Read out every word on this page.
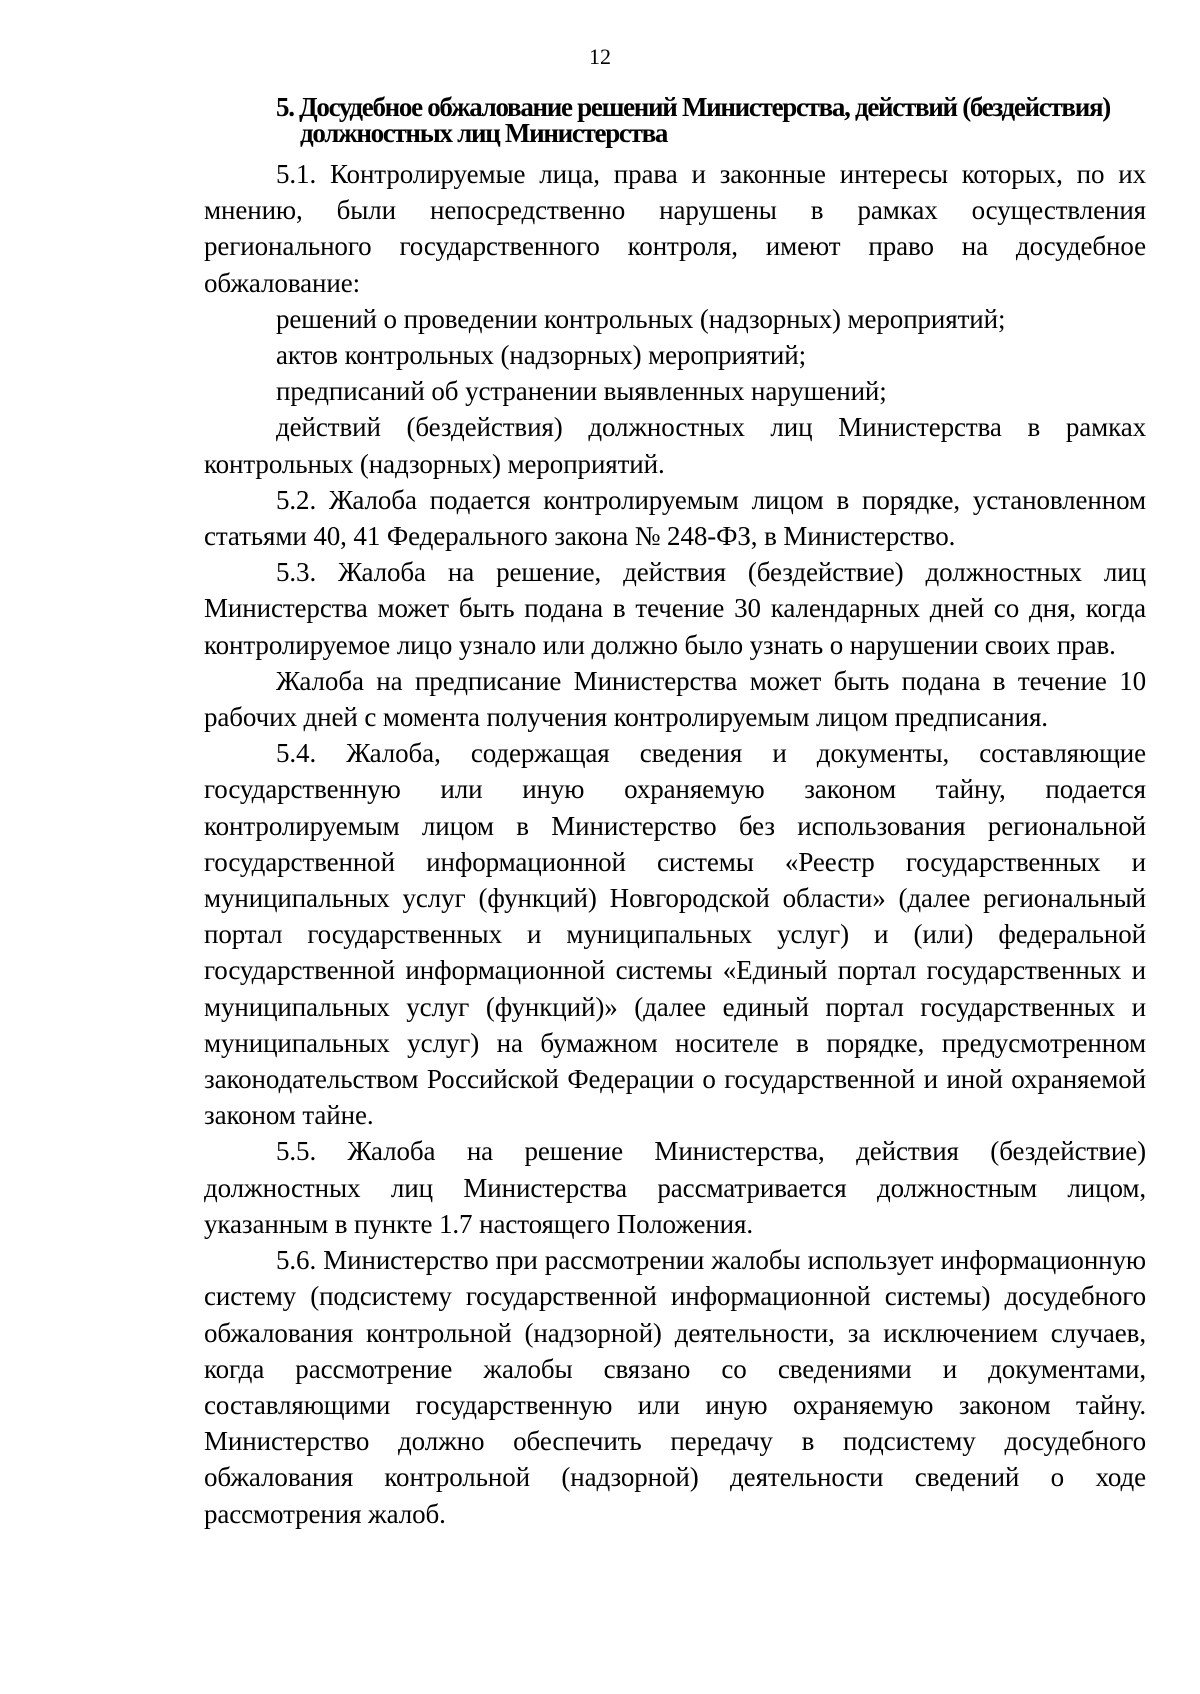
12
5. Досудебное обжалование решений Министерства, действий (бездействия)
должностных лиц Министерства

5.1. Контролируемые лица, права и законные интересы которых, по их мнению, были непосредственно нарушены в рамках осуществления регионального государственного контроля, имеют право на досудебное обжалование:

решений о проведении контрольных (надзорных) мероприятий;

актов контрольных (надзорных) мероприятий;

предписаний об устранении выявленных нарушений;

действий (бездействия) должностных лиц Министерства в рамках контрольных (надзорных) мероприятий.

5.2. Жалоба подается контролируемым лицом в порядке, установленном статьями 40, 41 Федерального закона № 248-ФЗ, в Министерство.

5.3. Жалоба на решение, действия (бездействие) должностных лиц Министерства может быть подана в течение 30 календарных дней со дня, когда контролируемое лицо узнало или должно было узнать о нарушении своих прав.

Жалоба на предписание Министерства может быть подана в течение 10 рабочих дней с момента получения контролируемым лицом предписания.

5.4. Жалоба, содержащая сведения и документы, составляющие государственную или иную охраняемую законом тайну, подается контролируемым лицом в Министерство без использования региональной государственной информационной системы «Реестр государственных и муниципальных услуг (функций) Новгородской области» (далее региональный портал государственных и муниципальных услуг) и (или) федеральной государственной информационной системы «Единый портал государственных и муниципальных услуг (функций)» (далее единый портал государственных и муниципальных услуг) на бумажном носителе в порядке, предусмотренном законодательством Российской Федерации о государственной и иной охраняемой законом тайне.

5.5. Жалоба на решение Министерства, действия (бездействие) должностных лиц Министерства рассматривается должностным лицом, указанным в пункте 1.7 настоящего Положения.

5.6. Министерство при рассмотрении жалобы использует информационную систему (подсистему государственной информационной системы) досудебного обжалования контрольной (надзорной) деятельности, за исключением случаев, когда рассмотрение жалобы связано со сведениями и документами, составляющими государственную или иную охраняемую законом тайну. Министерство должно обеспечить передачу в подсистему досудебного обжалования контрольной (надзорной) деятельности сведений о ходе рассмотрения жалоб.
